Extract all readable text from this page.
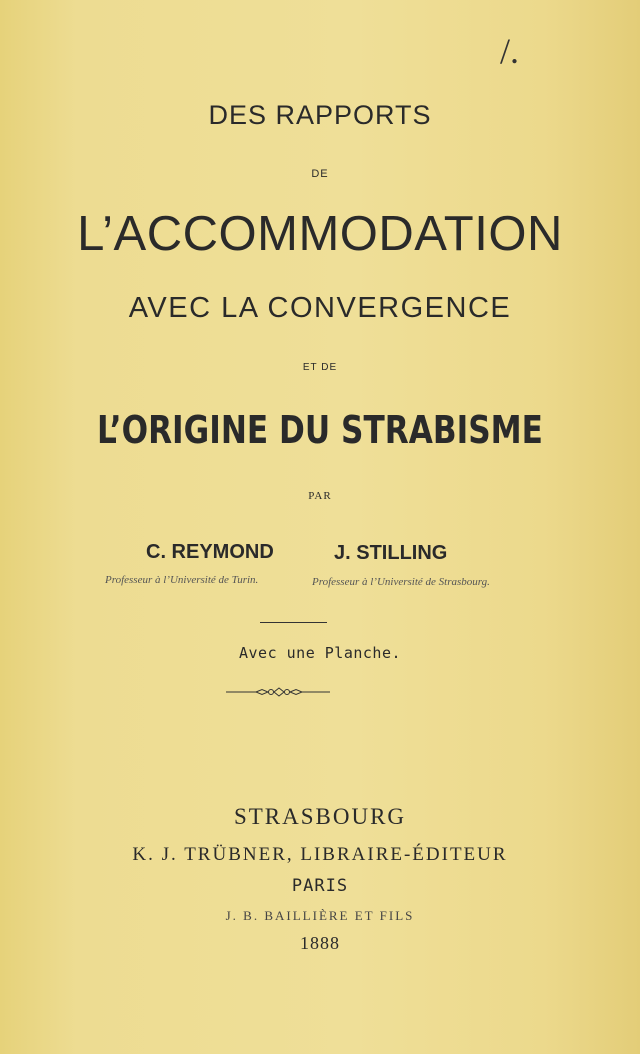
/.
DES RAPPORTS
DE
L’ACCOMMODATION
AVEC LA CONVERGENCE
ET DE
L’ORIGINE DU STRABISME
PAR
C. REYMOND	J. STILLING
Professeur à l’Université de Turin.	Professeur à l’Université de Strasbourg.
Avec une Planche.
STRASBOURG
K. J. TRÜBNER, LIBRAIRE-ÉDITEUR
PARIS
J. B. BAILLIÈRE ET FILS
1888
